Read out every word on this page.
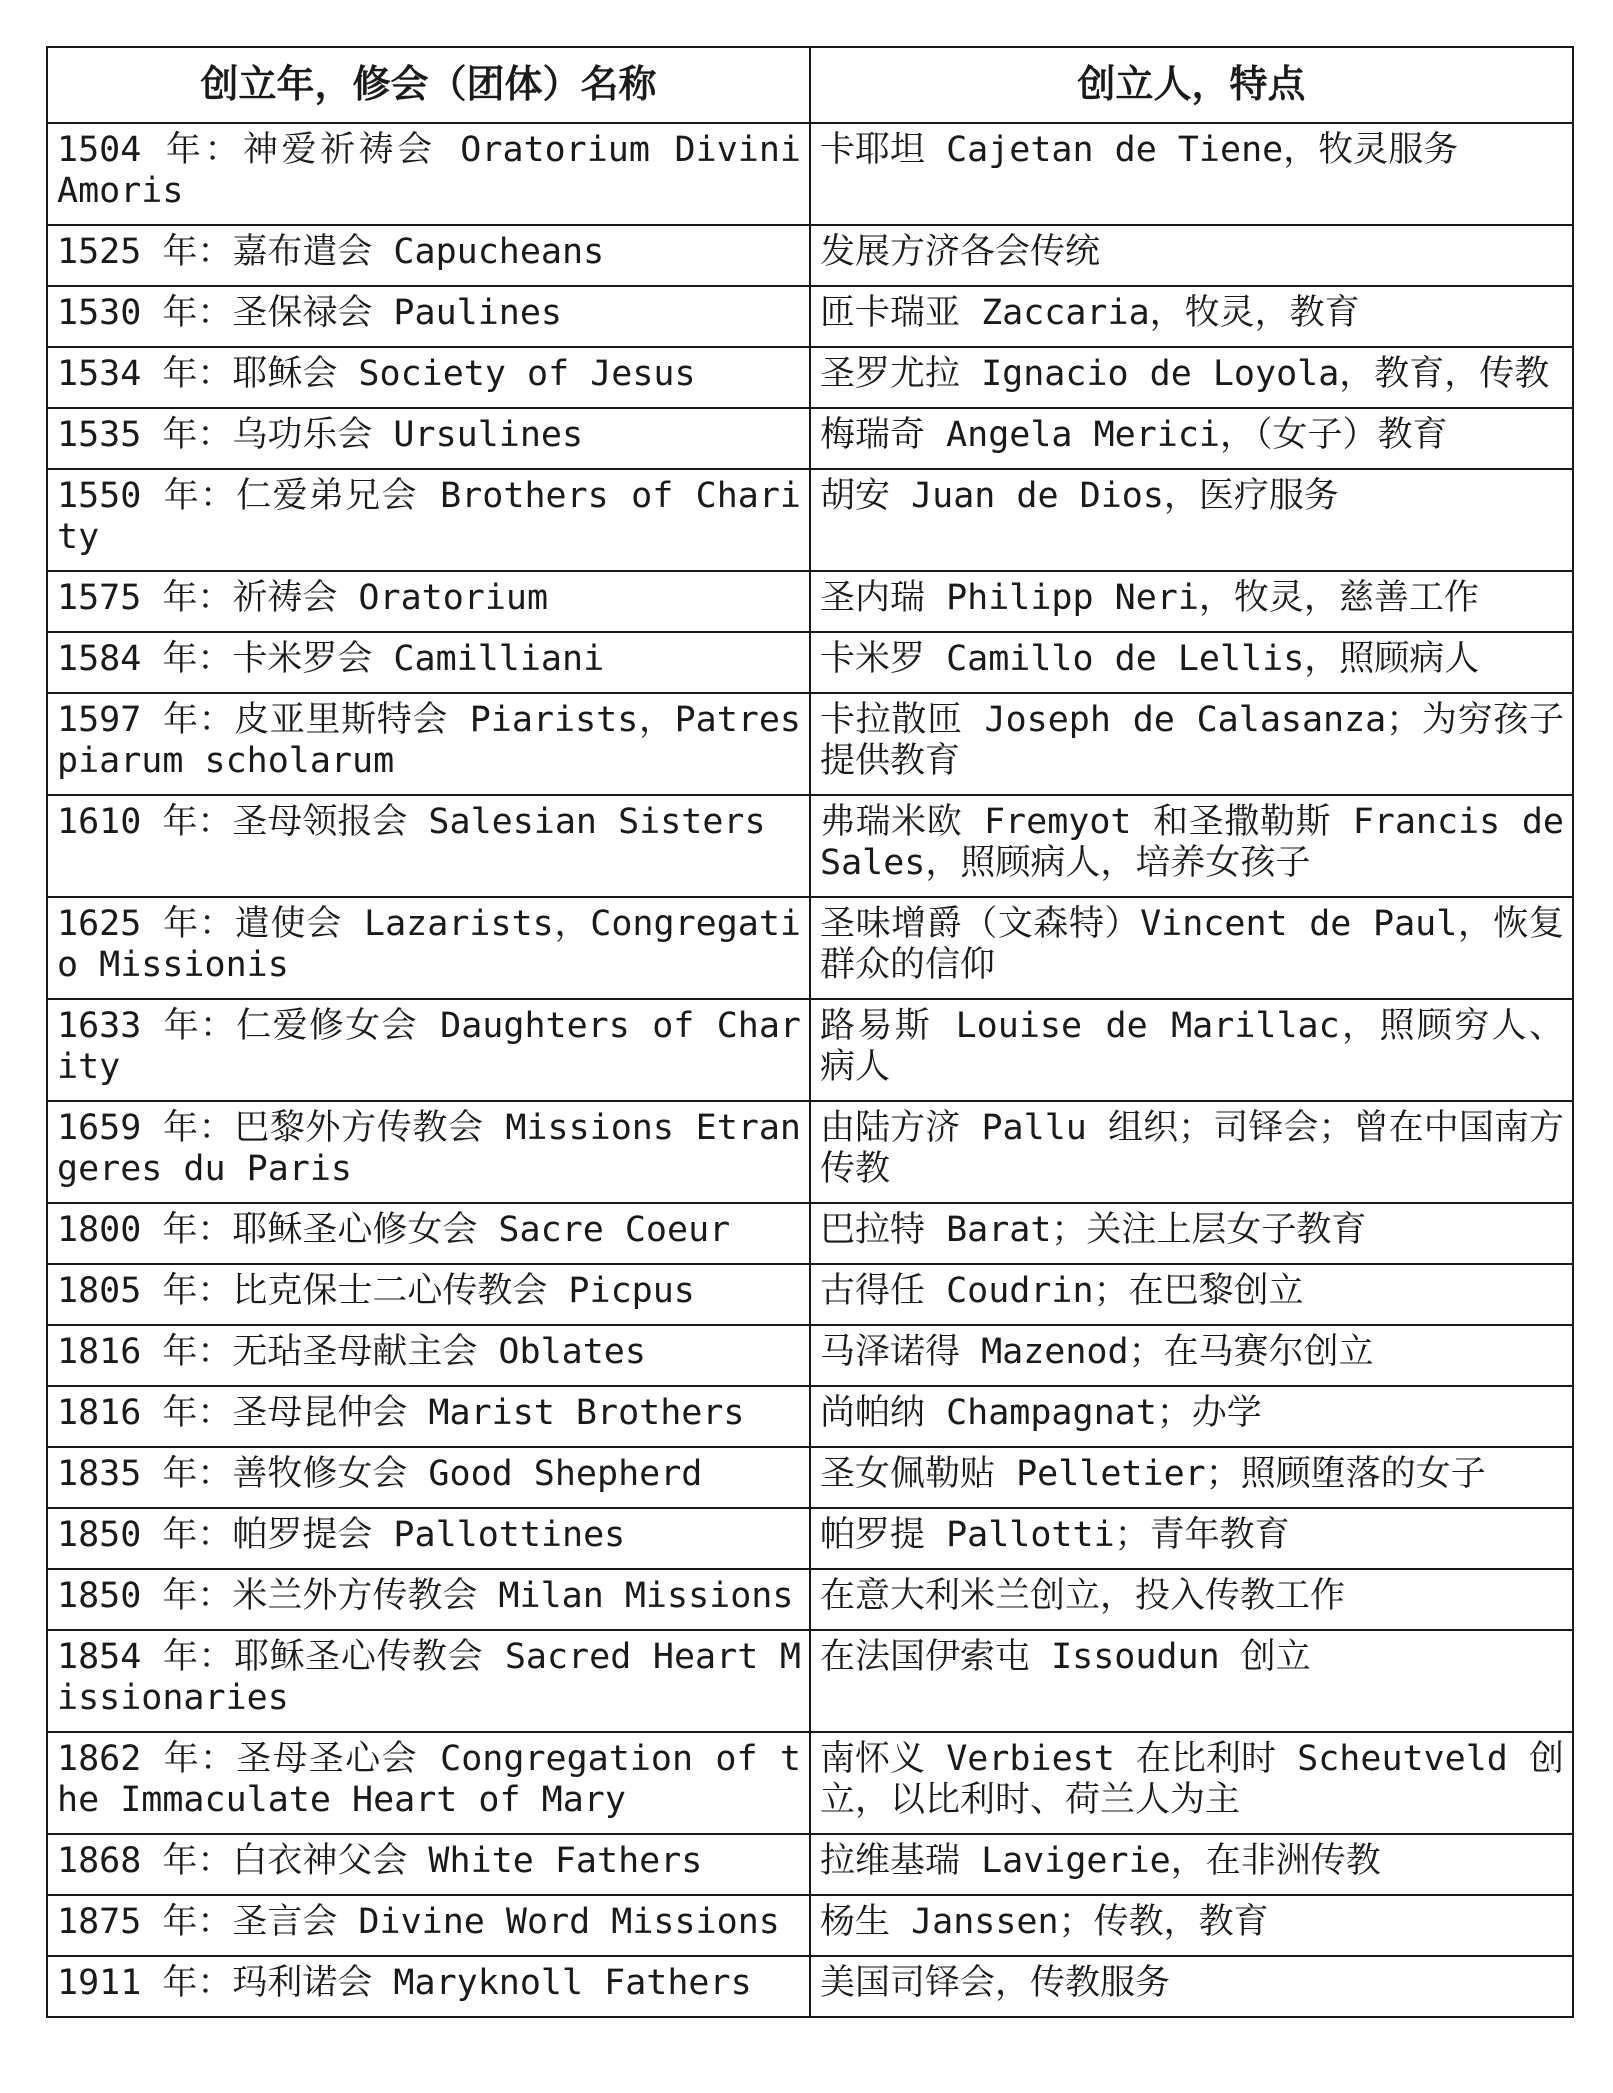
创立年，修会（团体）名称	创立人，特点
1504 年：神爱祈祷会 Oratorium Divini Amoris	卡耶坦 Cajetan de Tiene，牧灵服务
1525 年：嘉布遣会 Capucheans	发展方济各会传统
1530 年：圣保禄会 Paulines	匝卡瑞亚 Zaccaria，牧灵，教育
1534 年：耶稣会 Society of Jesus	圣罗尤拉 Ignacio de Loyola，教育，传教
1535 年：乌功乐会 Ursulines	梅瑞奇 Angela Merici，（女子）教育
1550 年：仁爱弟兄会 Brothers of Charity	胡安 Juan de Dios，医疗服务
1575 年：祈祷会 Oratorium	圣内瑞 Philipp Neri，牧灵，慈善工作
1584 年：卡米罗会 Camilliani	卡米罗 Camillo de Lellis，照顾病人
1597 年：皮亚里斯特会 Piarists，Patres piarum scholarum	卡拉散匝 Joseph de Calasanza；为穷孩子提供教育
1610 年：圣母领报会 Salesian Sisters	弗瑞米欧 Fremyot 和圣撒勒斯 Francis de Sales，照顾病人，培养女孩子
1625 年：遣使会 Lazarists，Congregatio Missionis	圣味增爵（文森特）Vincent de Paul，恢复群众的信仰
1633 年：仁爱修女会 Daughters of Charity	路易斯 Louise de Marillac，照顾穷人、病人
1659 年：巴黎外方传教会 Missions Etrangeres du Paris	由陆方济 Pallu 组织；司铎会；曾在中国南方传教
1800 年：耶稣圣心修女会 Sacre Coeur	巴拉特 Barat；关注上层女子教育
1805 年：比克保士二心传教会 Picpus	古得任 Coudrin；在巴黎创立
1816 年：无玷圣母献主会 Oblates	马泽诺得 Mazenod；在马赛尔创立
1816 年：圣母昆仲会 Marist Brothers	尚帕纳 Champagnat；办学
1835 年：善牧修女会 Good Shepherd	圣女佩勒贴 Pelletier；照顾堕落的女子
1850 年：帕罗提会 Pallottines	帕罗提 Pallotti；青年教育
1850 年：米兰外方传教会 Milan Missions	在意大利米兰创立，投入传教工作
1854 年：耶稣圣心传教会 Sacred Heart Missionaries	在法国伊索屯 Issoudun 创立
1862 年：圣母圣心会 Congregation of the Immaculate Heart of Mary	南怀义 Verbiest 在比利时 Scheutveld 创立，以比利时、荷兰人为主
1868 年：白衣神父会 White Fathers	拉维基瑞 Lavigerie，在非洲传教
1875 年：圣言会 Divine Word Missions	杨生 Janssen；传教，教育
1911 年：玛利诺会 Maryknoll Fathers	美国司铎会，传教服务
